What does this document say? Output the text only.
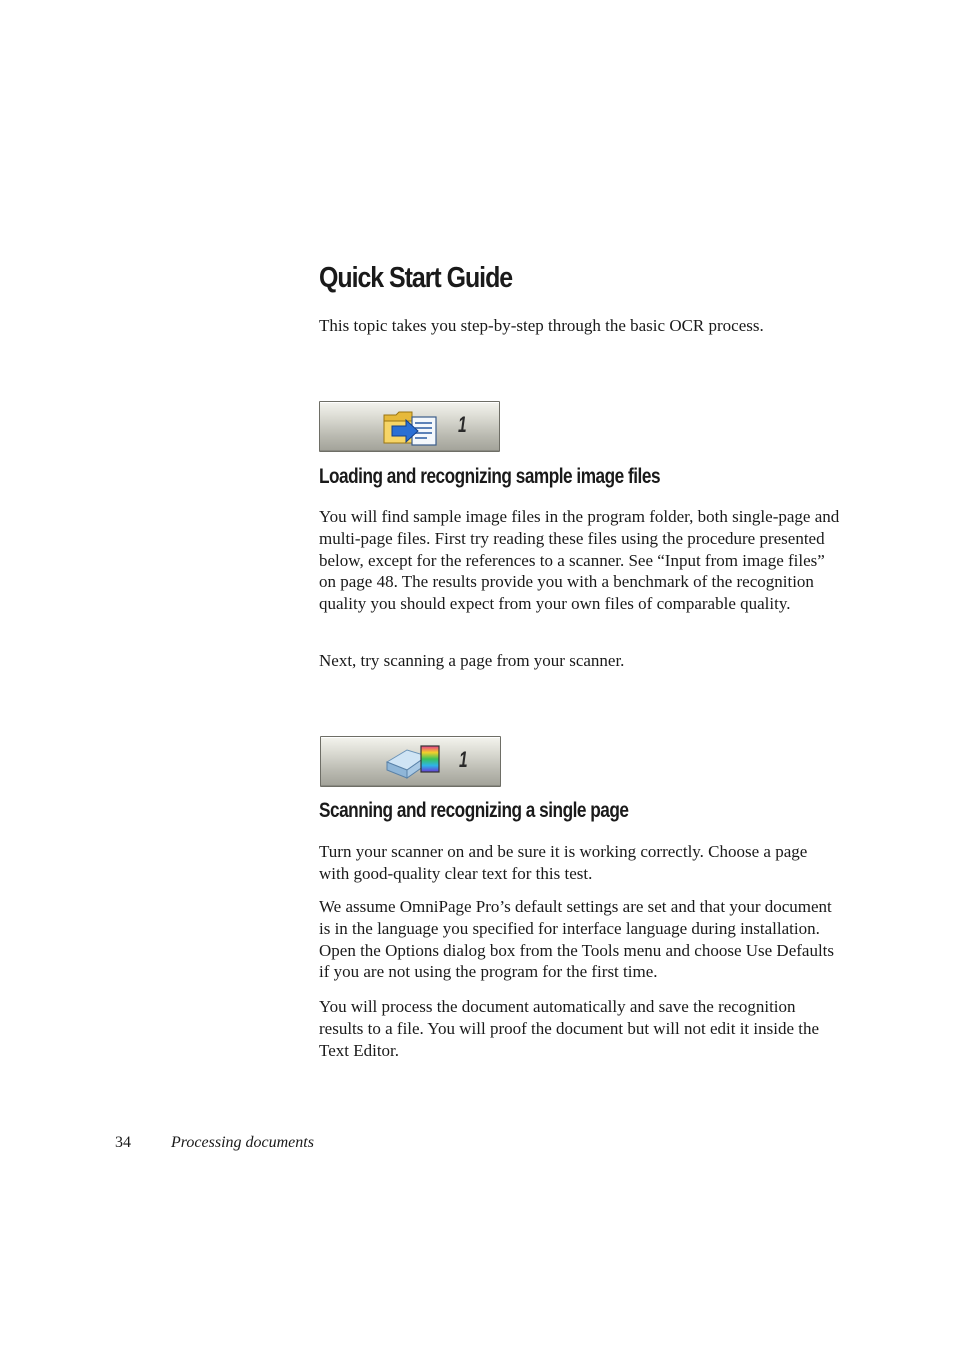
Quick Start Guide

This topic takes you step-by-step through the basic OCR process.

1
Loading and recognizing sample image files

You will find sample image files in the program folder, both single-page and multi-page files. First try reading these files using the procedure presented below, except for the references to a scanner. See “Input from image files” on page 48. The results provide you with a benchmark of the recognition quality you should expect from your own files of comparable quality.

Next, try scanning a page from your scanner.

1
Scanning and recognizing a single page

Turn your scanner on and be sure it is working correctly. Choose a page with good-quality clear text for this test.

We assume OmniPage Pro’s default settings are set and that your document is in the language you specified for interface language during installation. Open the Options dialog box from the Tools menu and choose Use Defaults if you are not using the program for the first time.

You will process the document automatically and save the recognition results to a file. You will proof the document but will not edit it inside the Text Editor.

34	Processing documents
